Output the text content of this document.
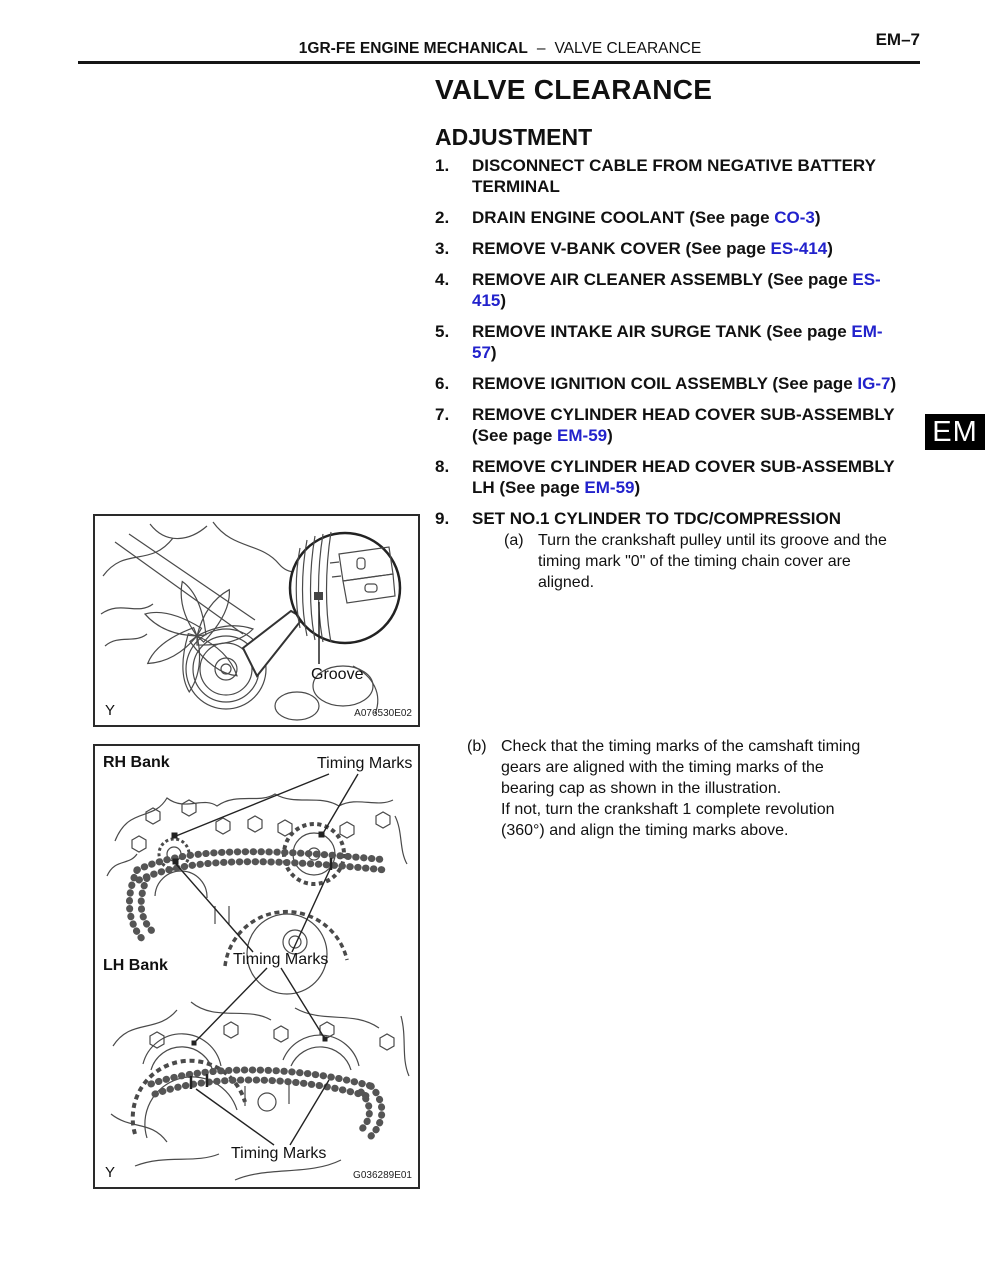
1GR-FE ENGINE MECHANICAL – VALVE CLEARANCE	EM–7
EM
VALVE CLEARANCE
ADJUSTMENT
1.	DISCONNECT CABLE FROM NEGATIVE BATTERY
TERMINAL
2.	DRAIN ENGINE COOLANT (See page CO-3)
3.	REMOVE V-BANK COVER (See page ES-414)
4.	REMOVE AIR CLEANER ASSEMBLY (See page ES-
415)
5.	REMOVE INTAKE AIR SURGE TANK (See page EM-
57)
6.	REMOVE IGNITION COIL ASSEMBLY (See page IG-7)
7.	REMOVE CYLINDER HEAD COVER SUB-ASSEMBLY
(See page EM-59)
8.	REMOVE CYLINDER HEAD COVER SUB-ASSEMBLY
LH (See page EM-59)
9.	SET NO.1 CYLINDER TO TDC/COMPRESSION
(a) Turn the crankshaft pulley until its groove and the
timing mark "0" of the timing chain cover are
aligned.
(b) Check that the timing marks of the camshaft timing
gears are aligned with the timing marks of the
bearing cap as shown in the illustration.
If not, turn the crankshaft 1 complete revolution
(360°) and align the timing marks above.
Groove
Y	A076530E02
RH Bank	Timing Marks
Timing Marks
LH Bank
Timing Marks
Y	G036289E01
